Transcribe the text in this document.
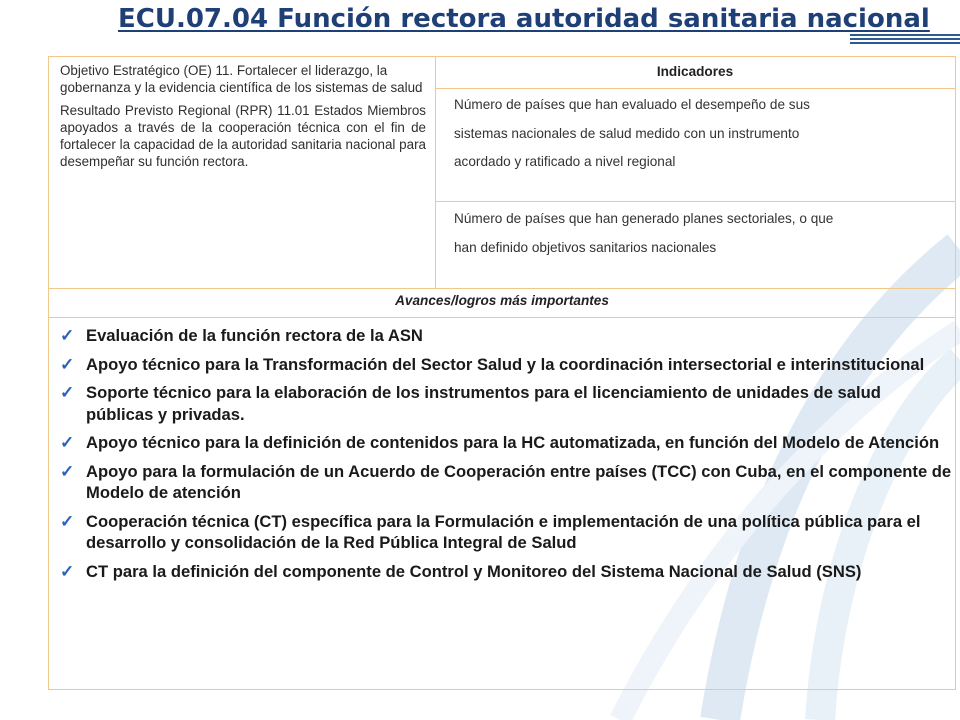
ECU.07.04 Función rectora autoridad sanitaria nacional

Objetivo Estratégico (OE) 11. Fortalecer el liderazgo, la gobernanza y la evidencia científica de los sistemas de salud

Resultado Previsto Regional (RPR) 11.01 Estados Miembros apoyados a través de la cooperación técnica con el fin de fortalecer la capacidad de la autoridad sanitaria nacional para desempeñar su función rectora.

Indicadores
Número de países que han evaluado el desempeño de sus sistemas nacionales de salud medido con un instrumento acordado y ratificado a nivel regional
Número de países que han generado planes sectoriales, o que han definido objetivos sanitarios nacionales
Avances/logros más importantes
✓ Evaluación de la función rectora de la ASN
✓ Apoyo técnico para la Transformación del Sector Salud y la coordinación intersectorial e interinstitucional
✓ Soporte técnico para la elaboración de los instrumentos para el licenciamiento de unidades de salud públicas y privadas.
✓ Apoyo técnico para la definición de contenidos para la HC automatizada, en función del Modelo de Atención
✓ Apoyo para la formulación de un Acuerdo de Cooperación entre países (TCC) con Cuba, en el componente de Modelo de atención
✓ Cooperación técnica (CT) específica para la Formulación e implementación de una política pública para el desarrollo y consolidación de la Red Pública Integral de Salud
✓ CT para la definición del componente de Control y Monitoreo del Sistema Nacional de Salud (SNS)
